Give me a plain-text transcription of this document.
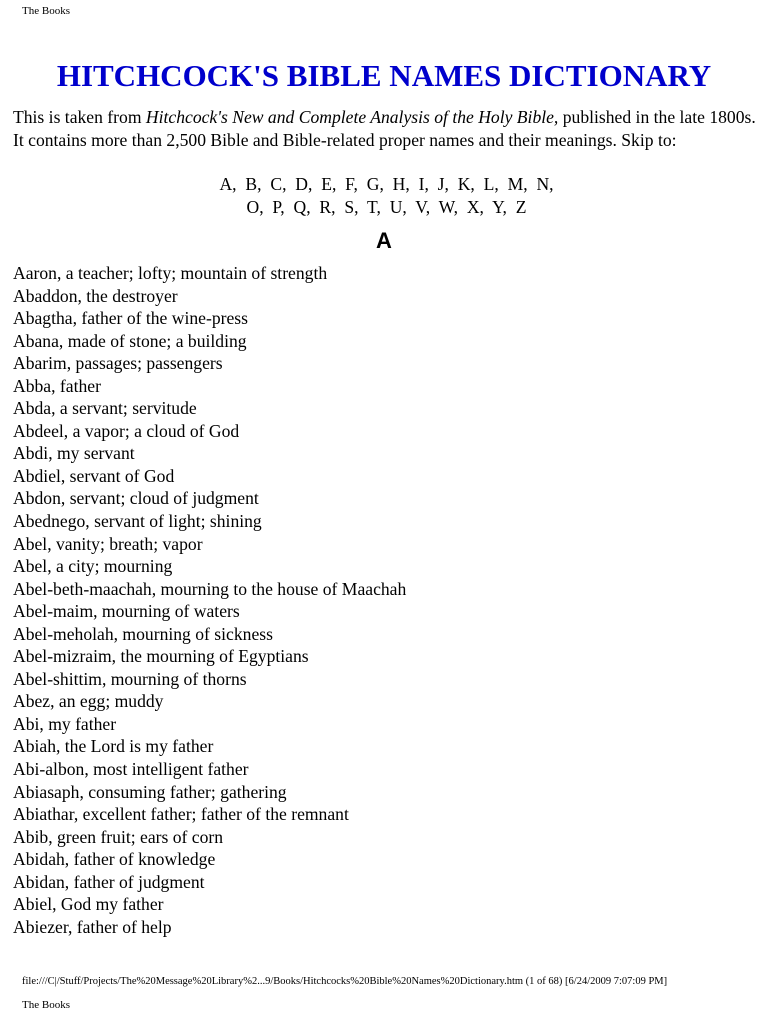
The Books
HITCHCOCK'S BIBLE NAMES DICTIONARY

This is taken from Hitchcock's New and Complete Analysis of the Holy Bible, published in the late 1800s. It contains more than 2,500 Bible and Bible-related proper names and their meanings. Skip to:

A,  B,  C,  D,  E,  F,  G,  H,  I,  J,  K,  L,  M,  N,
O,  P,  Q,  R,  S,  T,  U,  V,  W,  X,  Y,  Z
A
Aaron, a teacher; lofty; mountain of strength
Abaddon, the destroyer
Abagtha, father of the wine-press
Abana, made of stone; a building
Abarim, passages; passengers
Abba, father
Abda, a servant; servitude
Abdeel, a vapor; a cloud of God
Abdi, my servant
Abdiel, servant of God
Abdon, servant; cloud of judgment
Abednego, servant of light; shining
Abel, vanity; breath; vapor
Abel, a city; mourning
Abel-beth-maachah, mourning to the house of Maachah
Abel-maim, mourning of waters
Abel-meholah, mourning of sickness
Abel-mizraim, the mourning of Egyptians
Abel-shittim, mourning of thorns
Abez, an egg; muddy
Abi, my father
Abiah, the Lord is my father
Abi-albon, most intelligent father
Abiasaph, consuming father; gathering
Abiathar, excellent father; father of the remnant
Abib, green fruit; ears of corn
Abidah, father of knowledge
Abidan, father of judgment
Abiel, God my father
Abiezer, father of help
file:///C|/Stuff/Projects/The%20Message%20Library%2...9/Books/Hitchcocks%20Bible%20Names%20Dictionary.htm (1 of 68) [6/24/2009 7:07:09 PM]
The Books
